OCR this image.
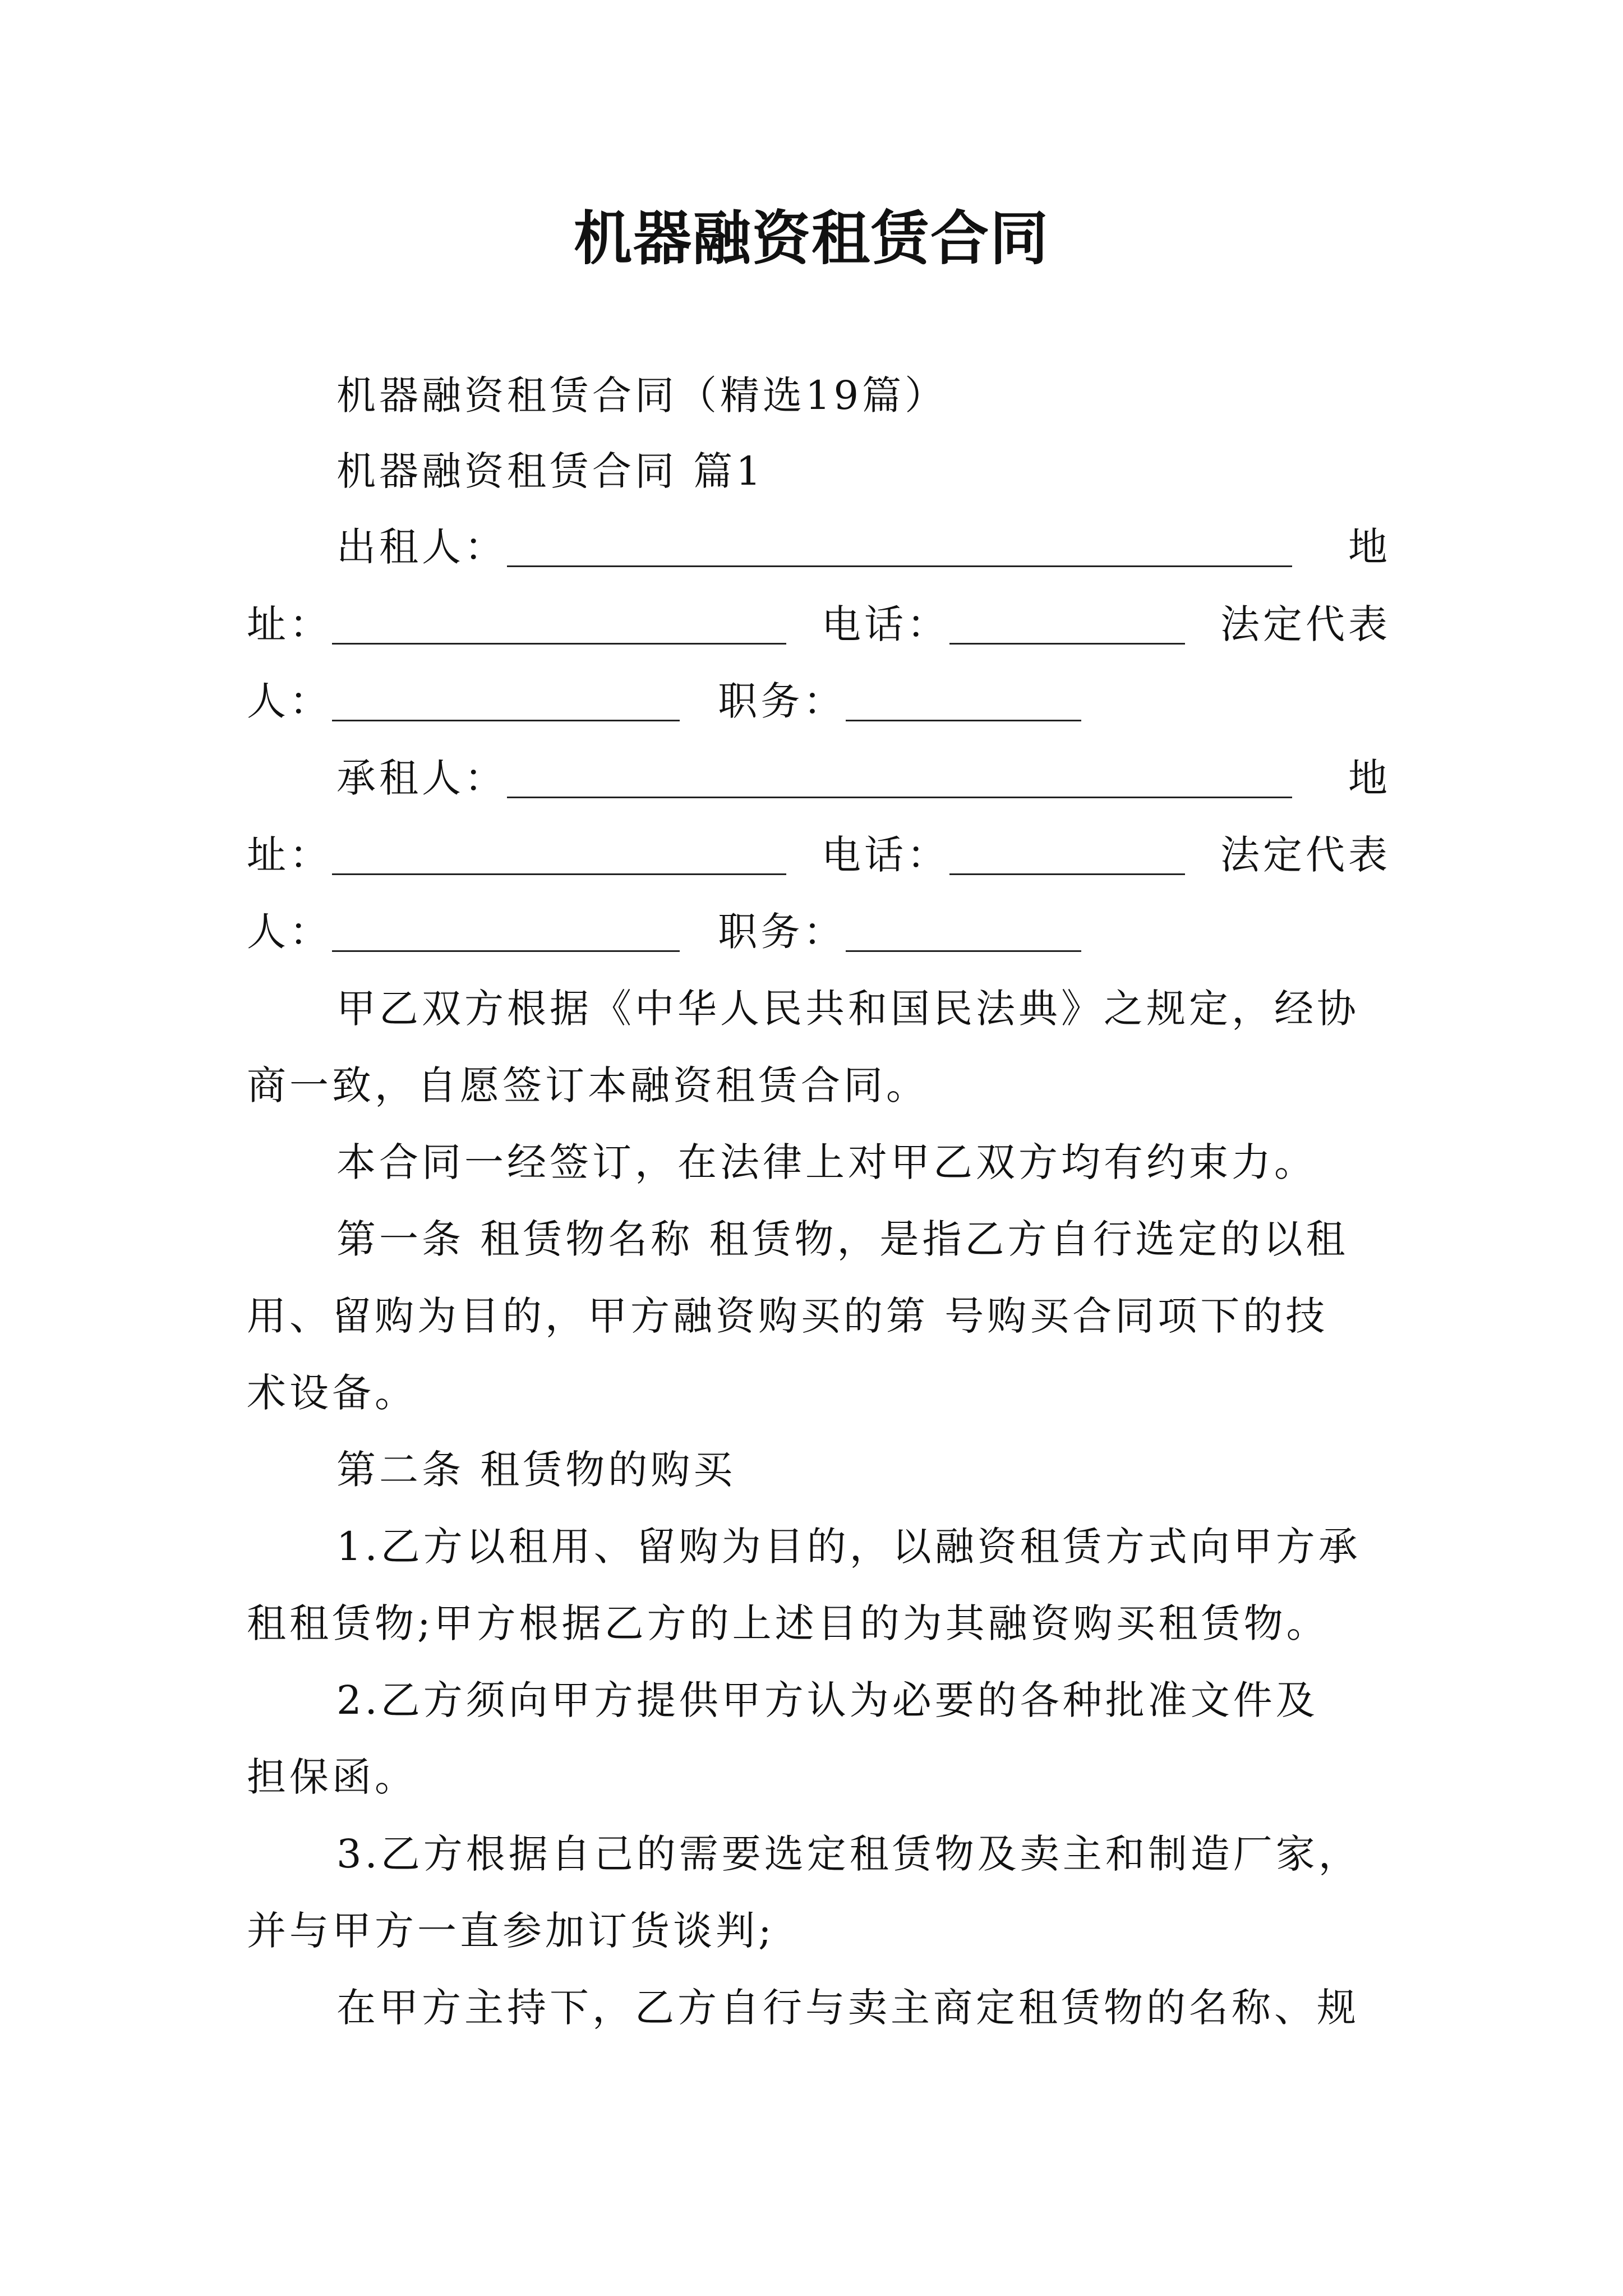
机器融资租赁合同
机器融资租赁合同（精选19篇）
机器融资租赁合同 篇1
出租人：	地
址：	电话：	法定代表
人：
	职务：
承租人：	地
址：	电话：	法定代表
人：
	职务：
甲乙双方根据《中华人民共和国民法典》之规定，经协
商一致，自愿签订本融资租赁合同。
本合同一经签订，在法律上对甲乙双方均有约束力。
第一条 租赁物名称 租赁物，是指乙方自行选定的以租
用、留购为目的，甲方融资购买的第 号购买合同项下的技
术设备。
第二条 租赁物的购买
1.乙方以租用、留购为目的，以融资租赁方式向甲方承
租租赁物;甲方根据乙方的上述目的为其融资购买租赁物。
2.乙方须向甲方提供甲方认为必要的各种批准文件及
担保函。
3.乙方根据自己的需要选定租赁物及卖主和制造厂家，
并与甲方一直参加订货谈判;
在甲方主持下，乙方自行与卖主商定租赁物的名称、规
